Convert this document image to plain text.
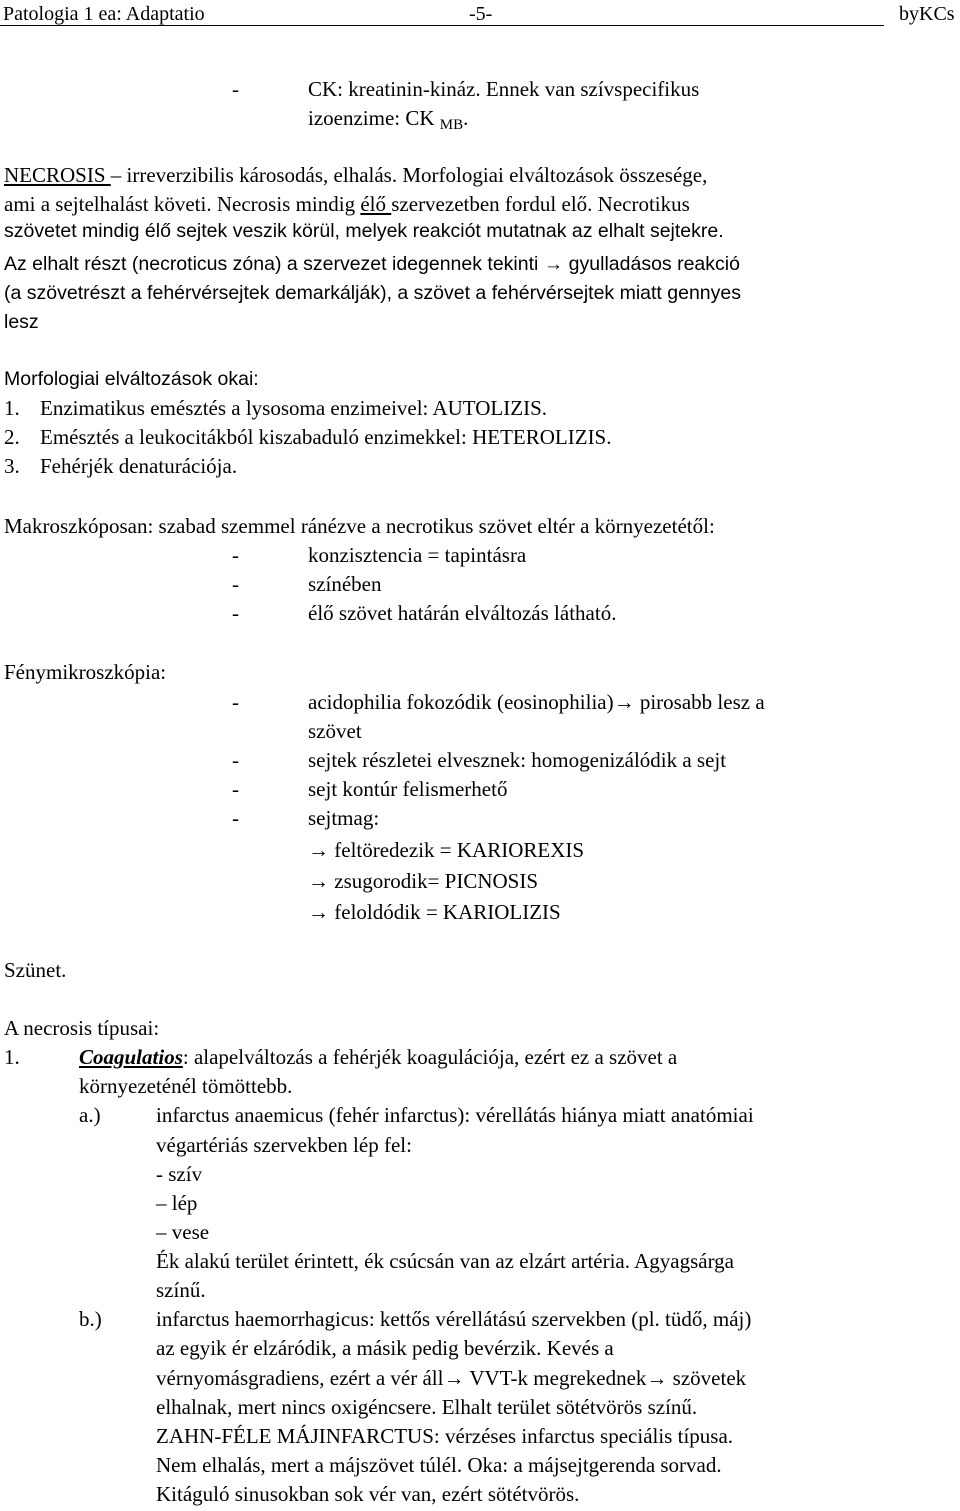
Patologia 1 ea: Adaptatio	-5-	byKCs
-	CK: kreatinin-kináz. Ennek van szívspecifikus
izoenzime: CK $_{MB}$.
NECROSIS – irreverzibilis károsodás, elhalás. Morfologiai elváltozások összesége,
ami a sejtelhalást követi. Necrosis mindig élő szervezetben fordul elő. Necrotikus
szövetet mindig élő sejtek veszik körül, melyek reakciót mutatnak az elhalt sejtekre.
Az elhalt részt (necroticus zóna) a szervezet idegennek tekinti → gyulladásos reakció
(a szövetrészt a fehérvérsejtek demarkálják), a szövet a fehérvérsejtek miatt gennyes
lesz
Morfologiai elváltozások okai:
1. Enzimatikus emésztés a lysosoma enzimeivel: AUTOLIZIS.
2. Emésztés a leukocitákból kiszabaduló enzimekkel: HETEROLIZIS.
3. Fehérjék denaturációja.
Makroszkóposan: szabad szemmel ránézve a necrotikus szövet eltér a környezetétől:
-	konzisztencia = tapintásra
-	színében
-	élő szövet határán elváltozás látható.
Fénymikroszkópia:
-	acidophilia fokozódik (eosinophilia)→ pirosabb lesz a
szövet
-	sejtek részletei elvesznek: homogenizálódik a sejt
-	sejt kontúr felismerhető
-	sejtmag:
→ feltöredezik = KARIOREXIS
→ zsugorodik= PICNOSIS
→ feloldódik = KARIOLIZIS
Szünet.
A necrosis típusai:
1.	Coagulatios: alapelváltozás a fehérjék koagulációja, ezért ez a szövet a
környezeténél tömöttebb.
a.)	infarctus anaemicus (fehér infarctus): vérellátás hiánya miatt anatómiai
végartériás szervekben lép fel:
- szív
– lép
– vese
Ék alakú terület érintett, ék csúcsán van az elzárt artéria. Agyagsárga
színű.
b.)	infarctus haemorrhagicus: kettős vérellátású szervekben (pl. tüdő, máj)
az egyik ér elzáródik, a másik pedig bevérzik. Kevés a
vérnyomásgradiens, ezért a vér áll→ VVT-k megrekednek→ szövetek
elhalnak, mert nincs oxigéncsere. Elhalt terület sötétvörös színű.
ZAHN-FÉLE MÁJINFARCTUS: vérzéses infarctus speciális típusa.
Nem elhalás, mert a májszövet túlél. Oka: a májsejtgerenda sorvad.
Kitáguló sinusokban sok vér van, ezért sötétvörös.
